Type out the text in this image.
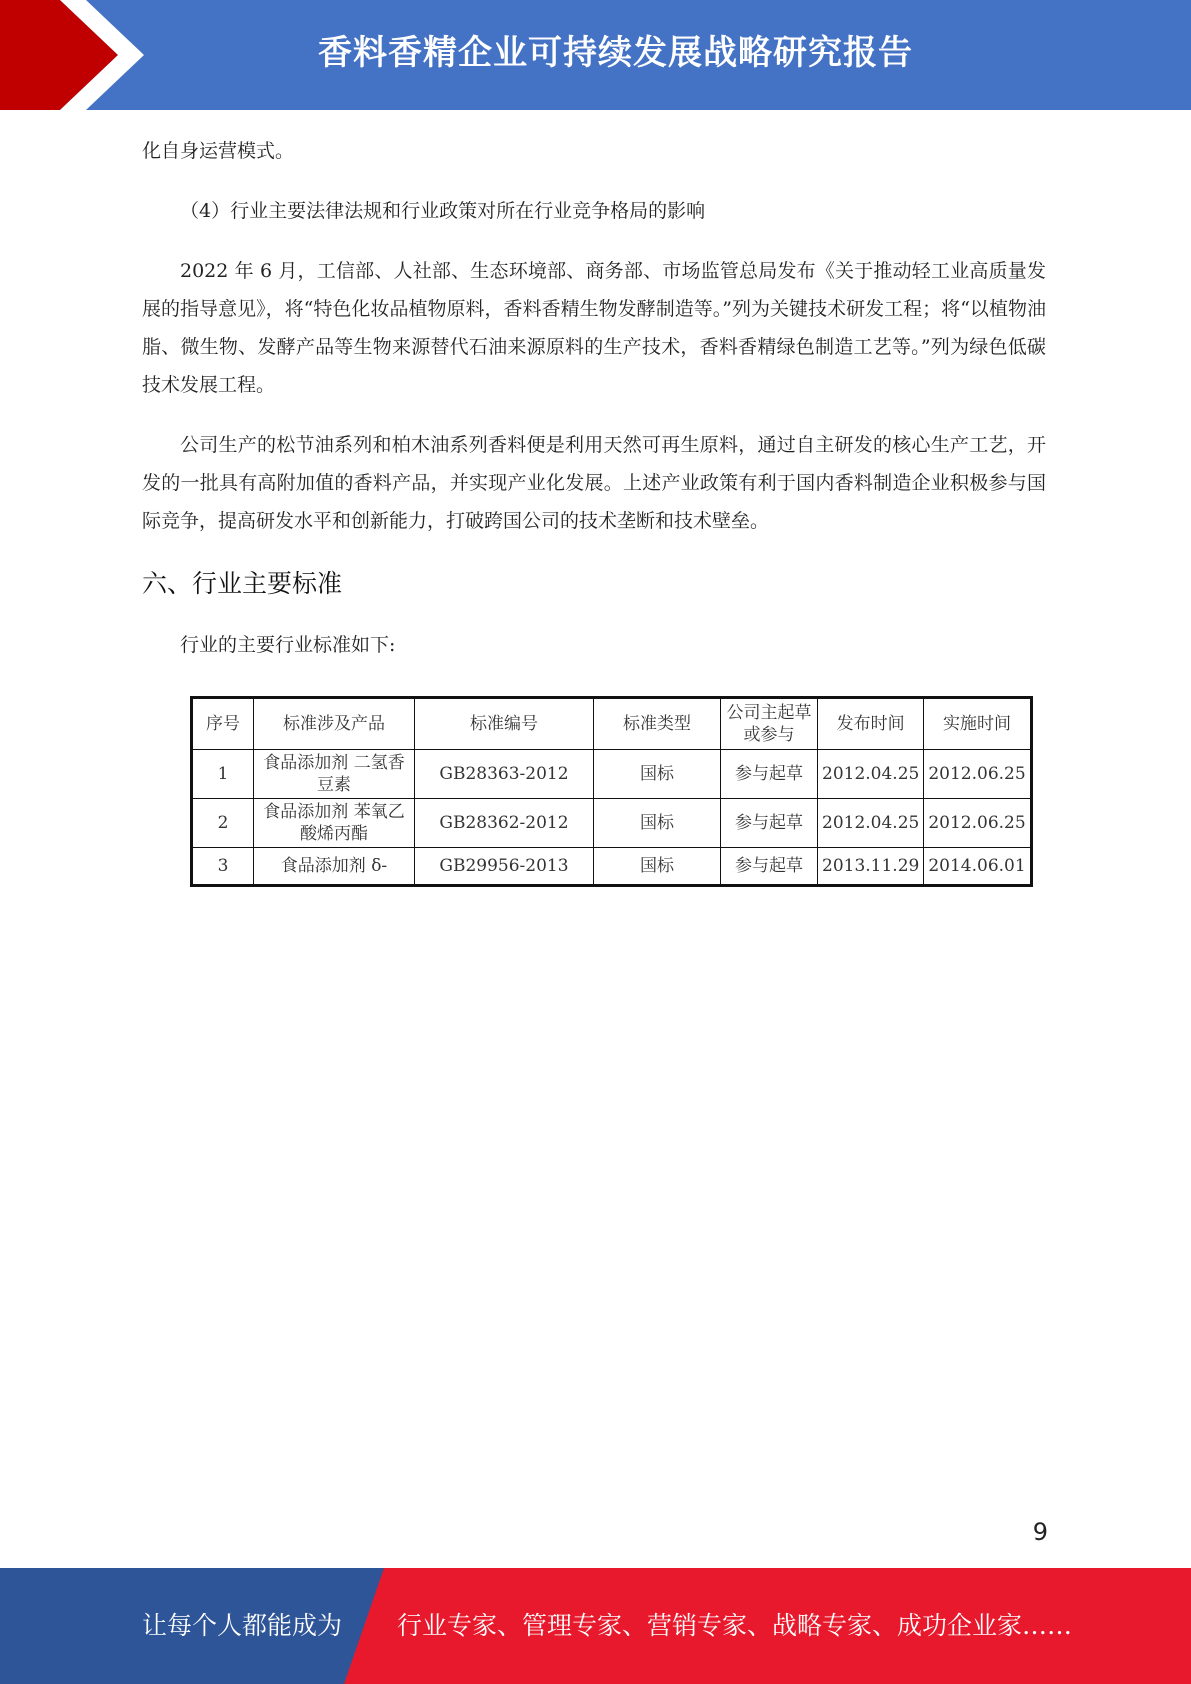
香料香精企业可持续发展战略研究报告

化自身运营模式。

（4）行业主要法律法规和行业政策对所在行业竞争格局的影响

2022 年 6 月，工信部、人社部、生态环境部、商务部、市场监管总局发布《关于推动轻工业高质量发展的指导意见》，将“特色化妆品植物原料，香料香精生物发酵制造等。”列为关键技术研发工程；将“以植物油脂、微生物、发酵产品等生物来源替代石油来源原料的生产技术，香料香精绿色制造工艺等。”列为绿色低碳技术发展工程。

公司生产的松节油系列和柏木油系列香料便是利用天然可再生原料，通过自主研发的核心生产工艺，开发的一批具有高附加值的香料产品，并实现产业化发展。上述产业政策有利于国内香料制造企业积极参与国际竞争，提高研发水平和创新能力，打破跨国公司的技术垄断和技术壁垒。

六、行业主要标准

行业的主要行业标准如下:

序号	标准涉及产品	标准编号	标准类型	公司主起草或参与	发布时间	实施时间
1	食品添加剂 二氢香豆素	GB28363-2012	国标	参与起草	2012.04.25	2012.06.25
2	食品添加剂 苯氧乙酸烯丙酯	GB28362-2012	国标	参与起草	2012.04.25	2012.06.25
3	食品添加剂 δ-	GB29956-2013	国标	参与起草	2013.11.29	2014.06.01
9
让每个人都能成为 行业专家、管理专家、营销专家、战略专家、成功企业家……
